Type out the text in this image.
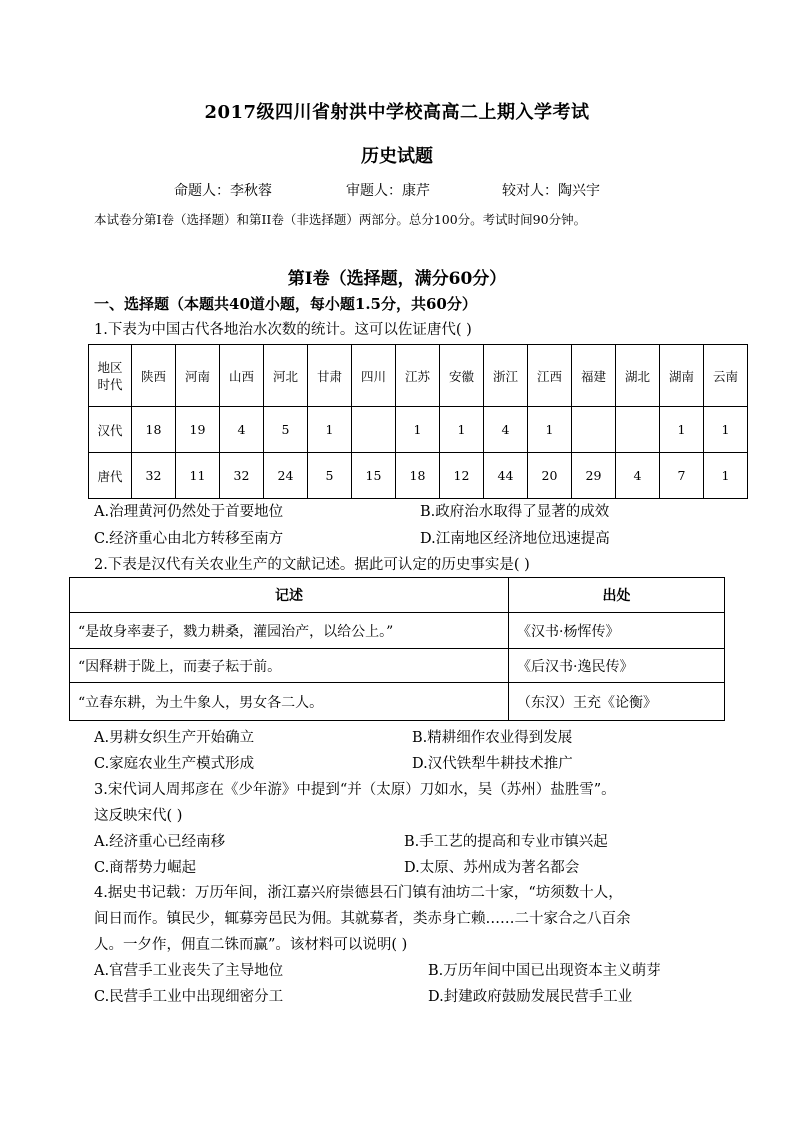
2017级四川省射洪中学校高高二上期入学考试
历史试题
命题人：李秋蓉	审题人：康芹	较对人：陶兴宇
本试卷分第Ⅰ卷（选择题）和第ⅠI卷（非选择题）两部分。总分100分。考试时间90分钟。
第Ⅰ卷（选择题，满分60分）
一、选择题（本题共40道小题，每小题1.5分，共60分）
1.下表为中国古代各地治水次数的统计。这可以佐证唐代( )
地区
时代	陕西	河南	山西	河北	甘肃	四川	江苏	安徽	浙江	江西	福建	湖北	湖南	云南
汉代	18	19	4	5	1		1	1	4	1			1	1
唐代	32	11	32	24	5	15	18	12	44	20	29	4	7	1
A.治理黄河仍然处于首要地位	B.政府治水取得了显著的成效
C.经济重心由北方转移至南方	D.江南地区经济地位迅速提高
2.下表是汉代有关农业生产的文献记述。据此可认定的历史事实是( )
记述	出处
“是故身率妻子，戮力耕桑，灌园治产，以给公上。”	《汉书·杨恽传》
“因释耕于陇上，而妻子耘于前。	《后汉书·逸民传》
“立春东耕，为土牛象人，男女各二人。	（东汉）王充《论衡》
A.男耕女织生产开始确立	B.精耕细作农业得到发展
C.家庭农业生产模式形成	D.汉代铁犁牛耕技术推广
3.宋代词人周邦彦在《少年游》中提到“并（太原）刀如水，吴（苏州）盐胜雪”。
这反映宋代( )
A.经济重心已经南移	B.手工艺的提高和专业市镇兴起
C.商帮势力崛起	D.太原、苏州成为著名都会
4.据史书记载：万历年间，浙江嘉兴府崇德县石门镇有油坊二十家，“坊须数十人，
间日而作。镇民少，辄募旁邑民为佣。其就募者，类赤身亡赖……二十家合之八百余
人。一夕作，佣直二铢而赢”。该材料可以说明( )
A.官营手工业丧失了主导地位	B.万历年间中国已出现资本主义萌芽
C.民营手工业中出现细密分工	D.封建政府鼓励发展民营手工业
